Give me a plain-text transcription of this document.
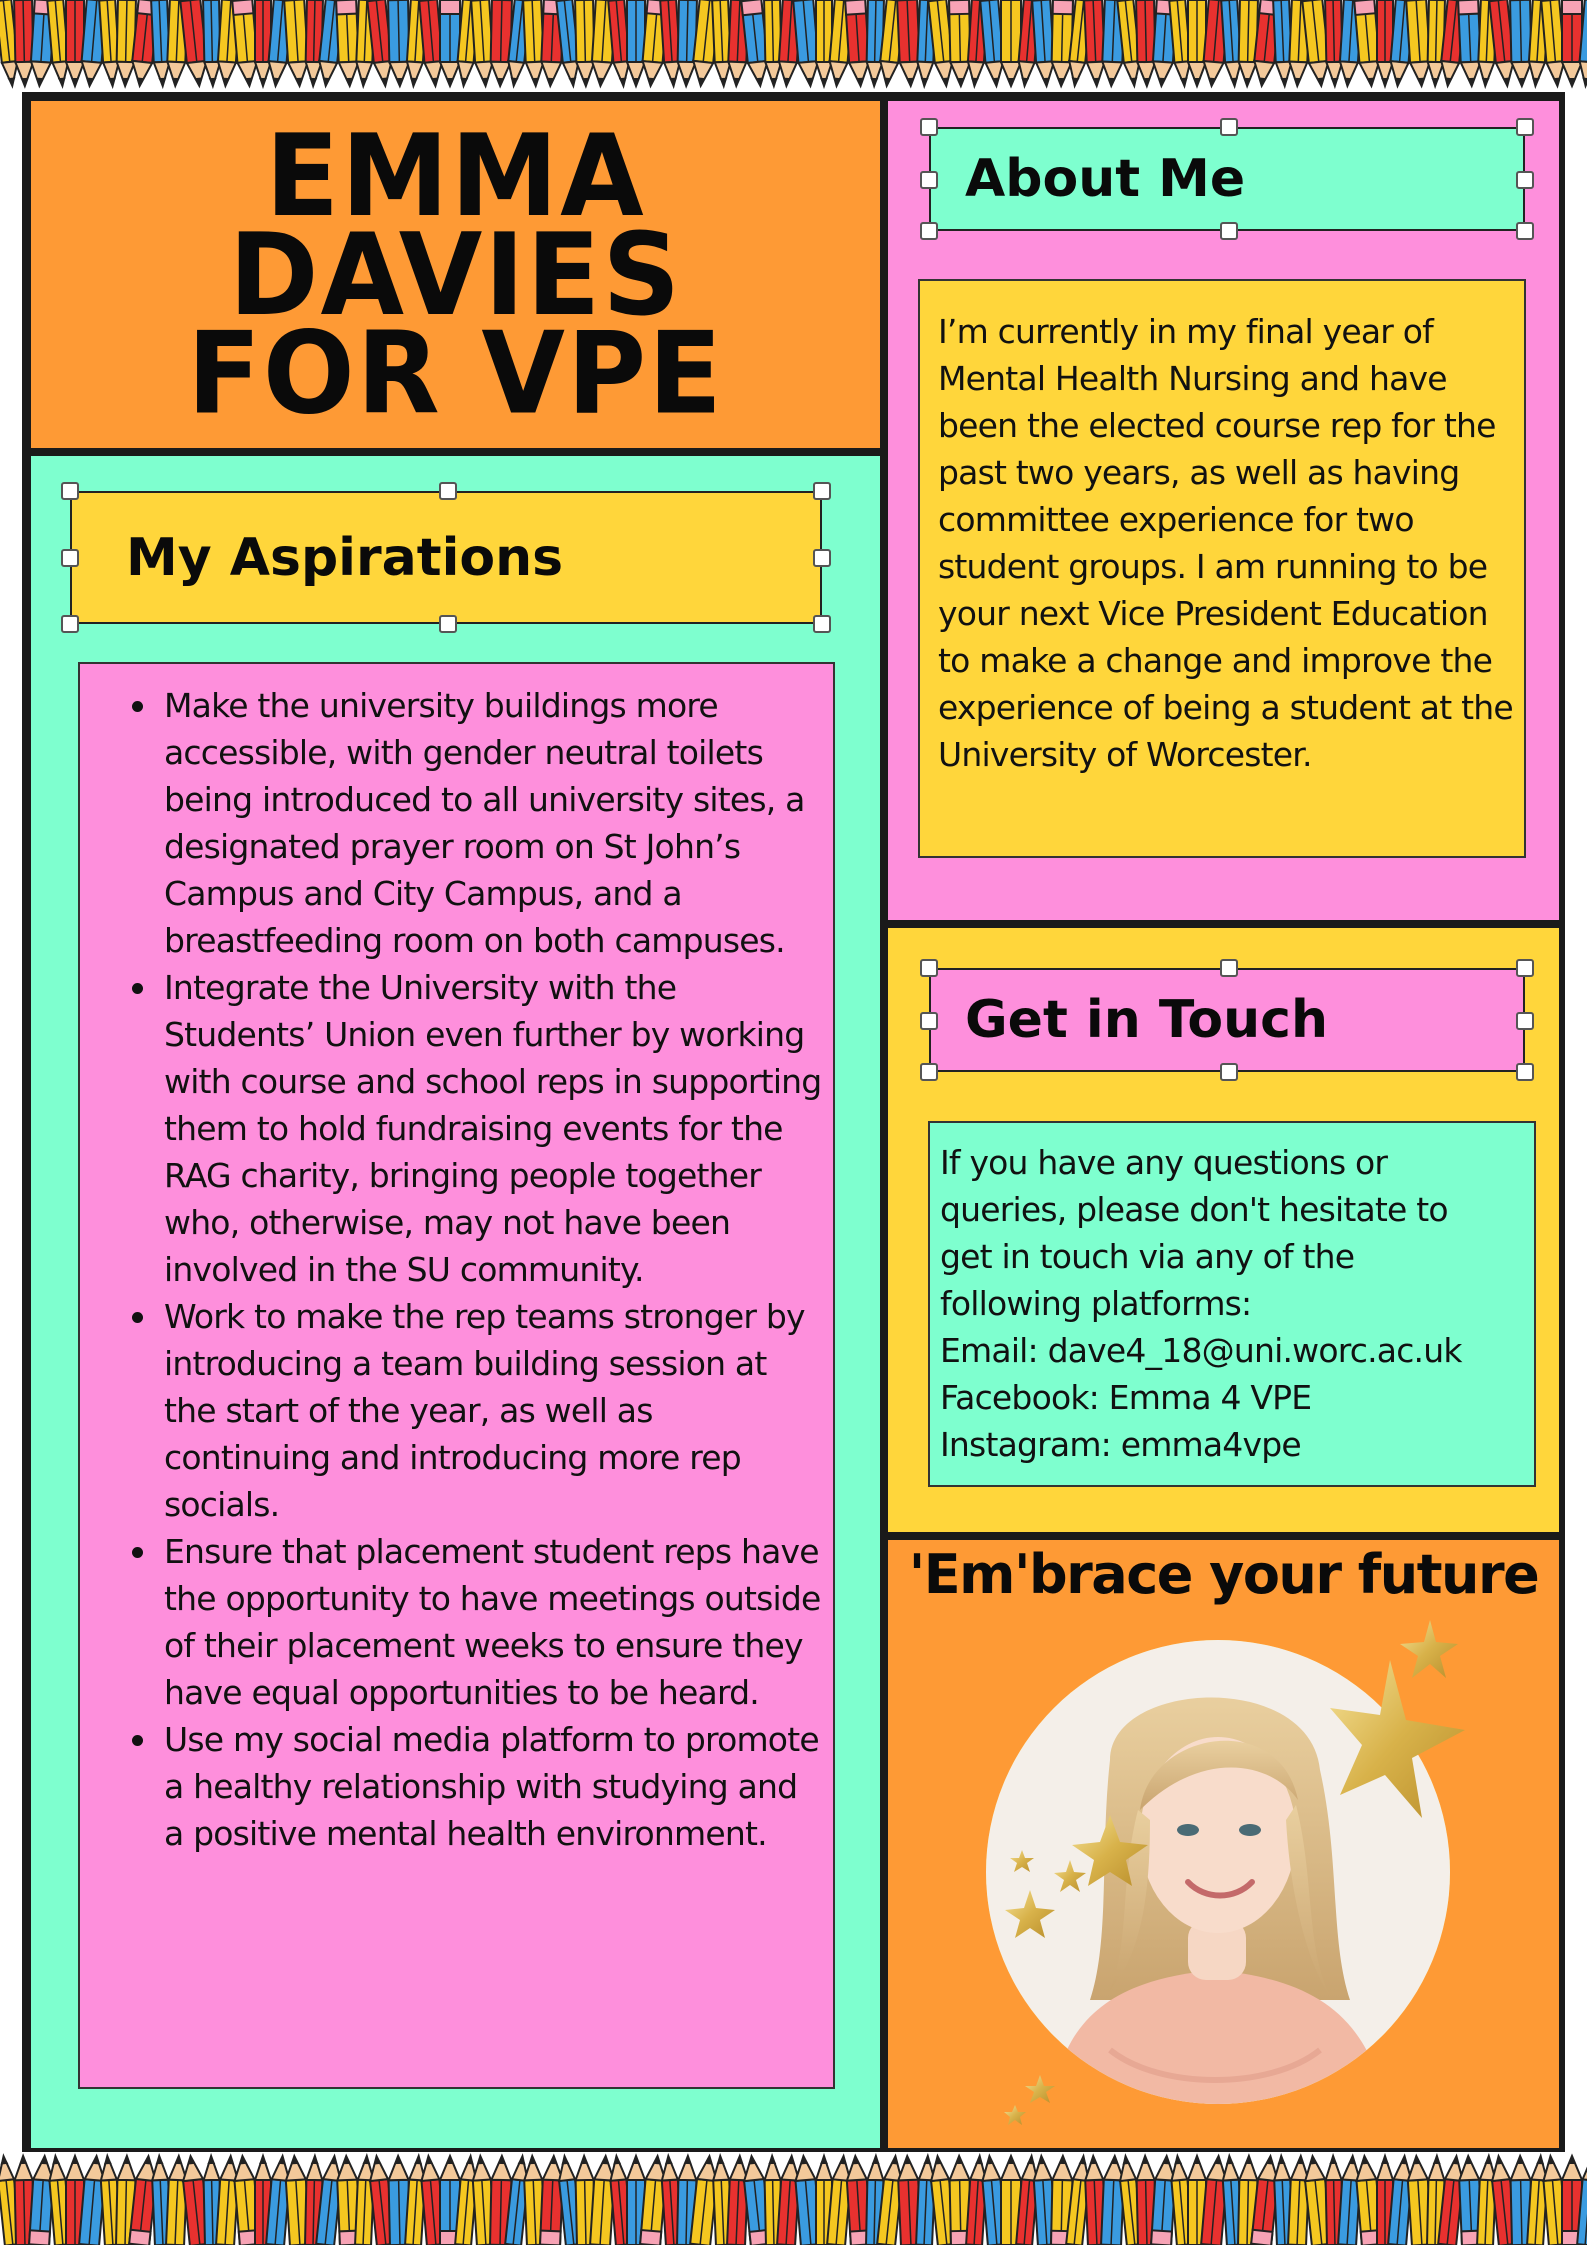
EMMA
DAVIES
FOR VPE
My Aspirations
Make the university buildings more accessible, with gender neutral toilets being introduced to all university sites, a designated prayer room on St John’s Campus and City Campus, and a breastfeeding room on both campuses.
Integrate the University with the Students’ Union even further by working with course and school reps in supporting them to hold fundraising events for the RAG charity, bringing people together who, otherwise, may not have been involved in the SU community.
Work to make the rep teams stronger by introducing a team building session at the start of the year, as well as continuing and introducing more rep socials.
Ensure that placement student reps have the opportunity to have meetings outside of their placement weeks to ensure they have equal opportunities to be heard.
Use my social media platform to promote a healthy relationship with studying and a positive mental health environment.
About Me
I’m currently in my final year of Mental Health Nursing and have been the elected course rep for the past two years, as well as having committee experience for two student groups. I am running to be your next Vice President Education to make a change and improve the experience of being a student at the University of Worcester.
Get in Touch
If you have any questions or
queries, please don't hesitate to
get in touch via any of the
following platforms:
Email: dave4_18@uni.worc.ac.uk
Facebook: Emma 4 VPE
Instagram: emma4vpe
'Em'brace your future
